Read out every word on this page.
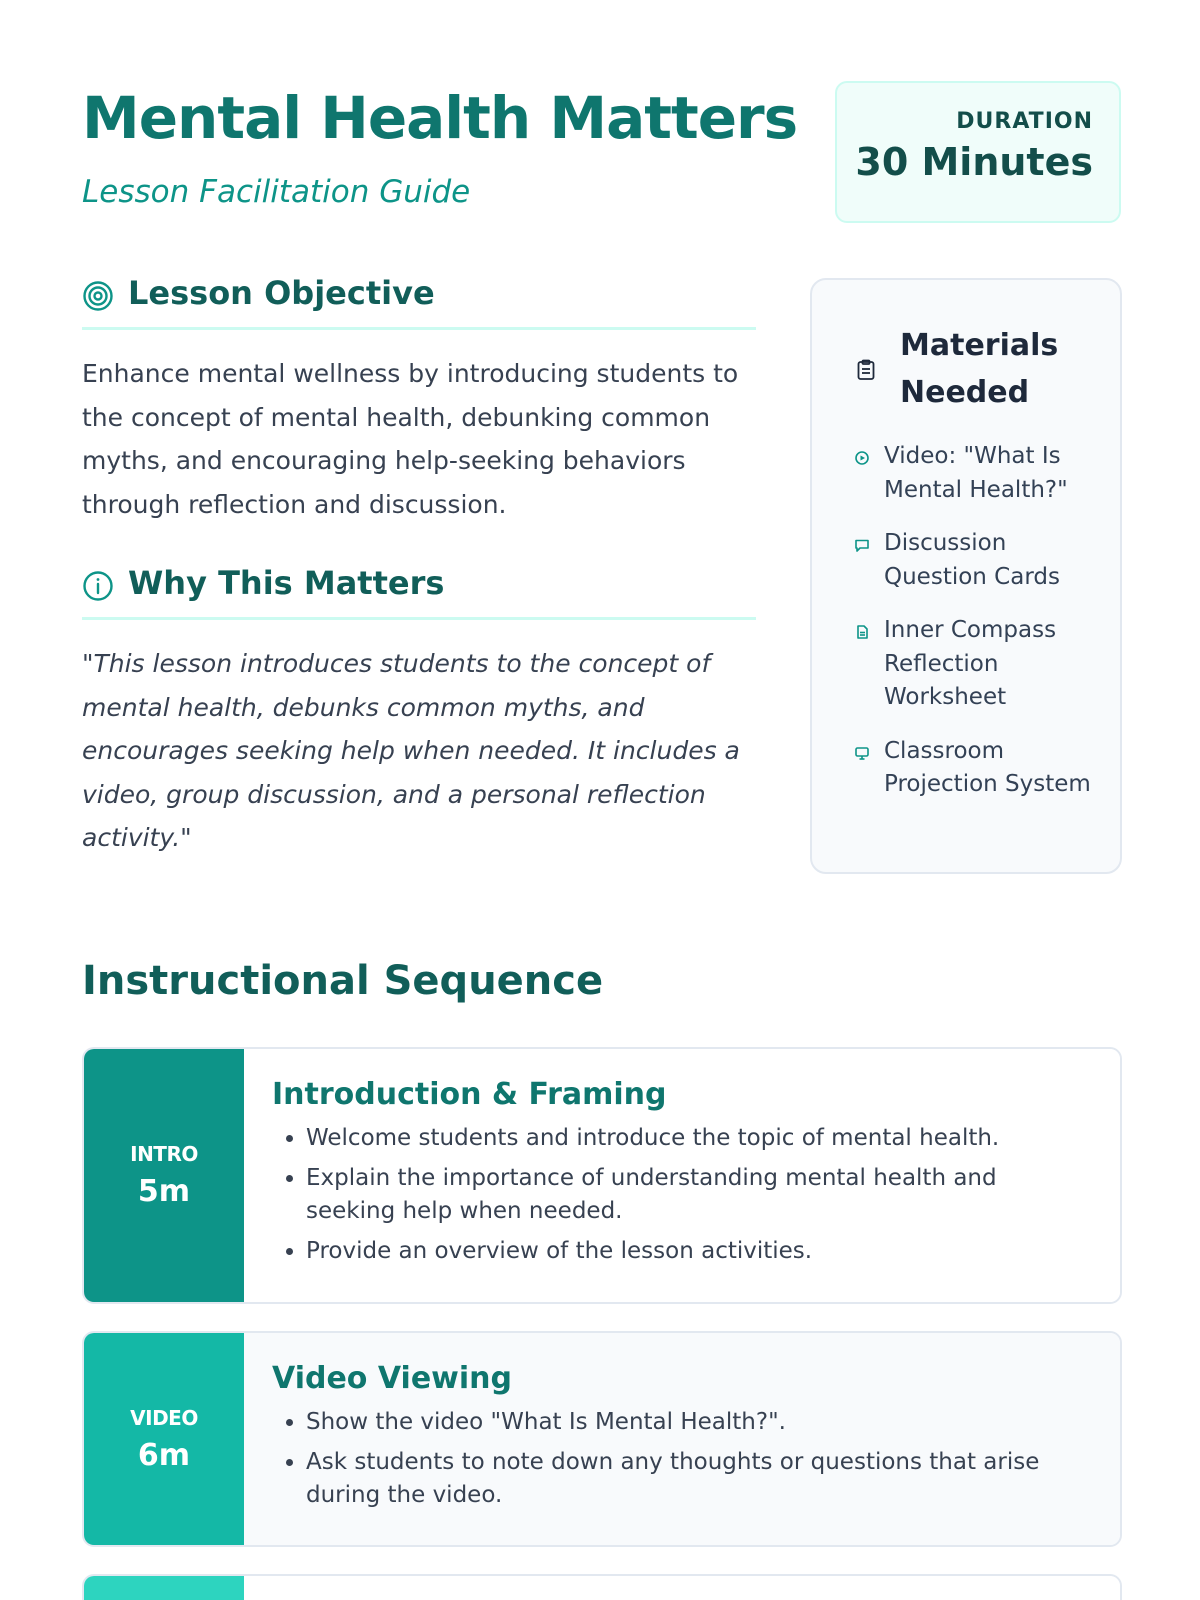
Mental Health Matters
Lesson Facilitation Guide
DURATION
30 Minutes
Lesson Objective

Enhance mental wellness by introducing students to the concept of mental health, debunking common myths, and encouraging help-seeking behaviors through reflection and discussion.

Why This Matters

"This lesson introduces students to the concept of mental health, debunks common myths, and encourages seeking help when needed. It includes a video, group discussion, and a personal reflection activity."

Materials Needed
Video: "What Is Mental Health?"
Discussion Question Cards
Inner Compass Reflection Worksheet
Classroom Projection System
Instructional Sequence
INTRO
5m
Introduction & Framing
• Welcome students and introduce the topic of mental health.
• Explain the importance of understanding mental health and seeking help when needed.
• Provide an overview of the lesson activities.
VIDEO
6m
Video Viewing
• Show the video "What Is Mental Health?".
• Ask students to note down any thoughts or questions that arise during the video.
